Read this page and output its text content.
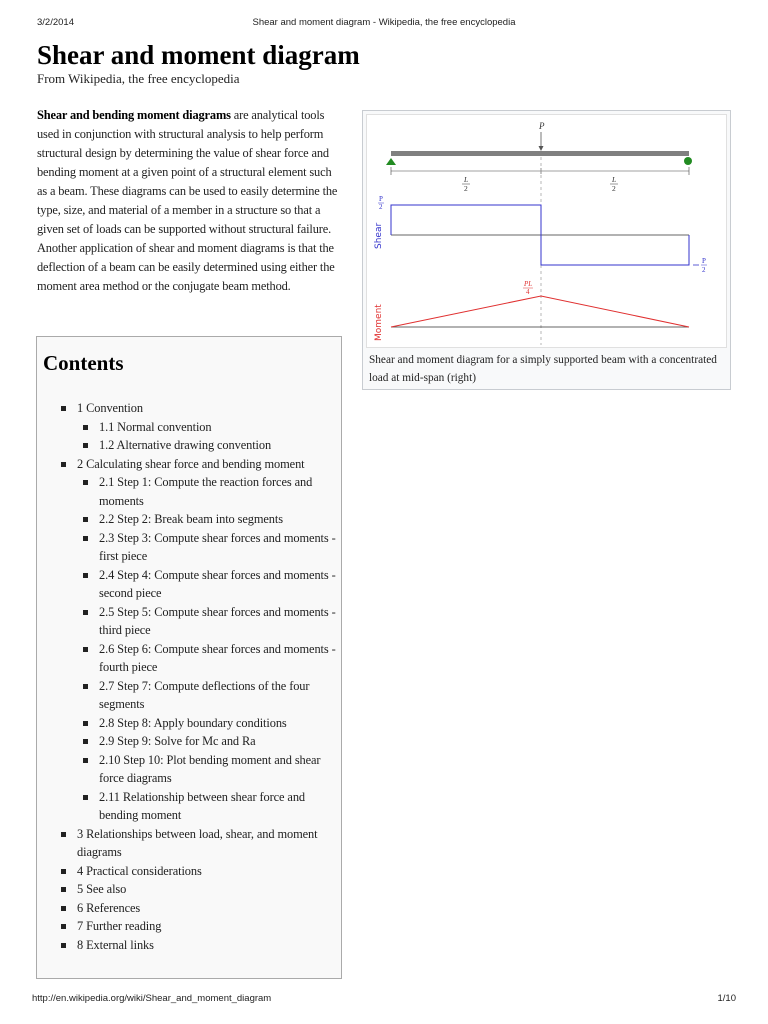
3/2/2014	Shear and moment diagram - Wikipedia, the free encyclopedia
Shear and moment diagram
From Wikipedia, the free encyclopedia

Shear and bending moment diagrams are analytical tools used in conjunction with structural analysis to help perform structural design by determining the value of shear force and bending moment at a given point of a structural element such as a beam. These diagrams can be used to easily determine the type, size, and material of a member in a structure so that a given set of loads can be supported without structural failure. Another application of shear and moment diagrams is that the deflection of a beam can be easily determined using either the moment area method or the conjugate beam method.

P
L
2
L
2
Shear
P
2
P
2
Moment
PL
4
Shear and moment diagram for a simply supported beam with a concentrated load at mid-span (right)
Contents
1 Convention
1.1 Normal convention
1.2 Alternative drawing convention
2 Calculating shear force and bending moment
2.1 Step 1: Compute the reaction forces and moments
2.2 Step 2: Break beam into segments
2.3 Step 3: Compute shear forces and moments - first piece
2.4 Step 4: Compute shear forces and moments - second piece
2.5 Step 5: Compute shear forces and moments - third piece
2.6 Step 6: Compute shear forces and moments - fourth piece
2.7 Step 7: Compute deflections of the four segments
2.8 Step 8: Apply boundary conditions
2.9 Step 9: Solve for Mc and Ra
2.10 Step 10: Plot bending moment and shear force diagrams
2.11 Relationship between shear force and bending moment
3 Relationships between load, shear, and moment diagrams
4 Practical considerations
5 See also
6 References
7 Further reading
8 External links
http://en.wikipedia.org/wiki/Shear_and_moment_diagram	1/10
